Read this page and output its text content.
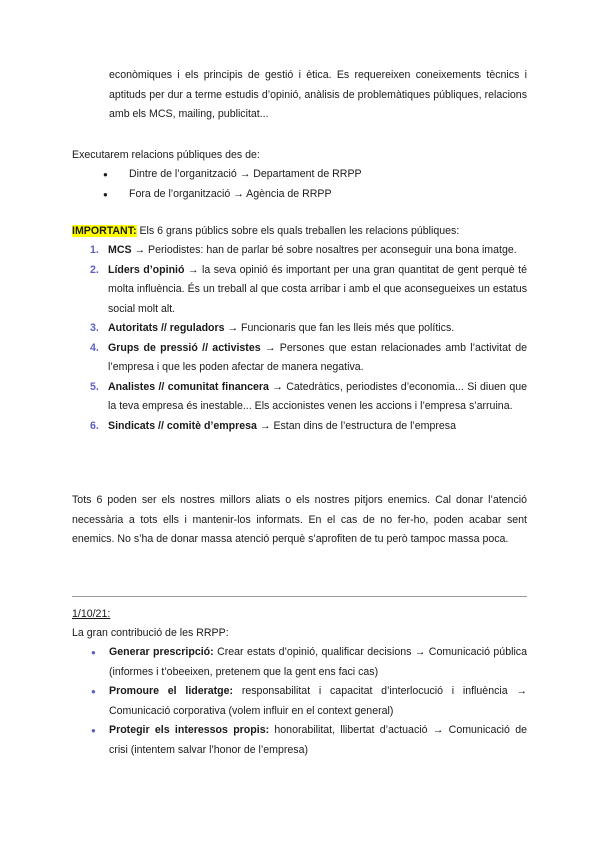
econòmiques i els principis de gestió i ètica. Es requereixen coneixements tècnics i aptituds per dur a terme estudis d’opinió, anàlisis de problemàtiques públiques, relacions amb els MCS, mailing, publicitat...

Executarem relacions públiques des de:

● Dintre de l’organització → Departament de RRPP
● Fora de l’organització → Agència de RRPP

IMPORTANT: Els 6 grans públics sobre els quals treballen les relacions públiques:

1. MCS → Periodistes: han de parlar bé sobre nosaltres per aconseguir una bona imatge.
2. Líders d’opinió → la seva opinió és important per una gran quantitat de gent perquè té molta influència. És un treball al que costa arribar i amb el que aconsegueixes un estatus social molt alt.
3. Autoritats // reguladors → Funcionaris que fan les lleis més que polítics.
4. Grups de pressió // activistes → Persones que estan relacionades amb l’activitat de l’empresa i que les poden afectar de manera negativa.
5. Analistes // comunitat financera → Catedràtics, periodistes d’economia... Si diuen que la teva empresa és inestable... Els accionistes venen les accions i l’empresa s’arruina.
6. Sindicats // comitè d’empresa → Estan dins de l’estructura de l’empresa

Tots 6 poden ser els nostres millors aliats o els nostres pitjors enemics. Cal donar l’atenció necessària a tots ells i mantenir-los informats. En el cas de no fer-ho, poden acabar sent enemics. No s’ha de donar massa atenció perquè s’aprofiten de tu però tampoc massa poca.

1/10/21:

La gran contribució de les RRPP:

● Generar prescripció: Crear estats d’opinió, qualificar decisions → Comunicació pública (informes i t’obeeixen, pretenem que la gent ens faci cas)
● Promoure el lideratge: responsabilitat i capacitat d’interlocució i influència → Comunicació corporativa (volem influir en el context general)
● Protegir els interessos propis: honorabilitat, llibertat d’actuació → Comunicació de crisi (intentem salvar l’honor de l’empresa)
